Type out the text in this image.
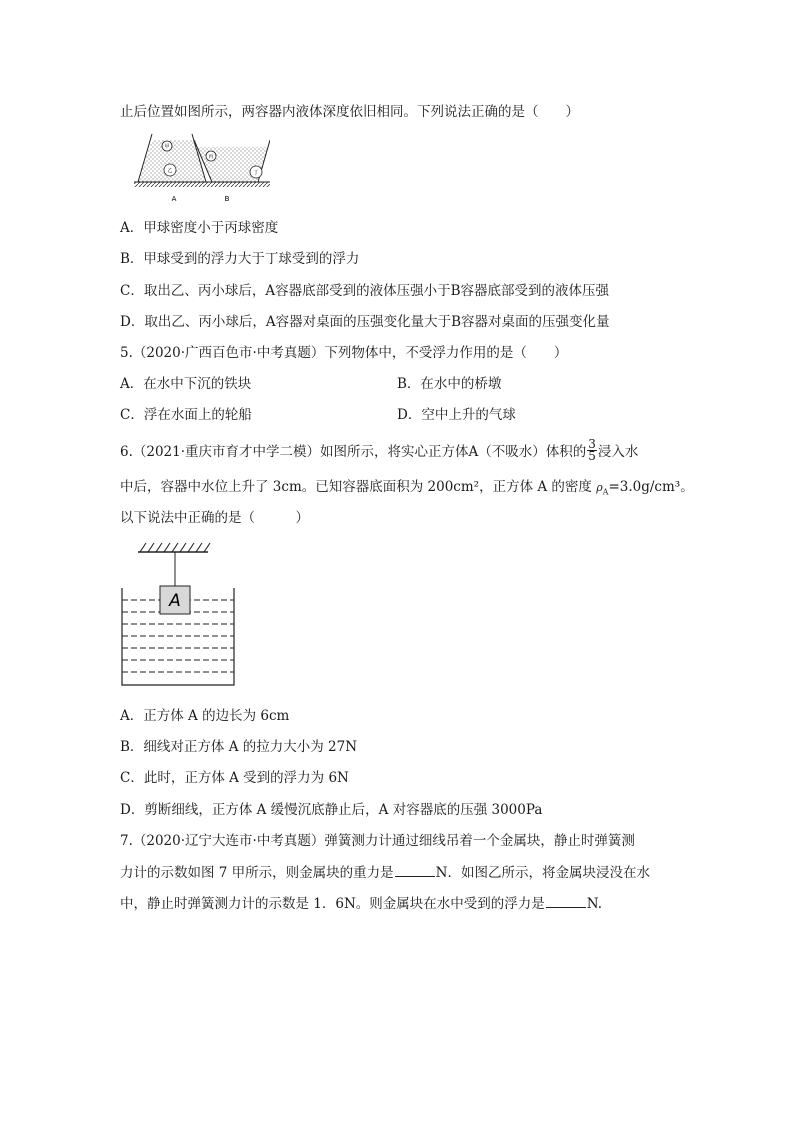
止后位置如图所示，两容器内液体深度依旧相同。下列说法正确的是（　　）
甲
乙
丙
丁
A	B
A．甲球密度小于丙球密度
B．甲球受到的浮力大于丁球受到的浮力
C．取出乙、丙小球后，A容器底部受到的液体压强小于B容器底部受到的液体压强
D．取出乙、丙小球后，A容器对桌面的压强变化量大于B容器对桌面的压强变化量
5.（2020·广西百色市·中考真题）下列物体中，不受浮力作用的是（　　）
A．在水中下沉的铁块	B．在水中的桥墩
C．浮在水面上的轮船	D．空中上升的气球
6.（2021·重庆市育才中学二模）如图所示，将实心正方体A（不吸水）体积的 $\frac{3}{5}$ 浸入水
中后，容器中水位上升了 3cm。已知容器底面积为 200cm²，正方体 A 的密度 $\rho_A=3.0g$/cm³。
以下说法中正确的是（　　　）
A
A．正方体 A 的边长为 6cm
B．细线对正方体 A 的拉力大小为 27N
C．此时，正方体 A 受到的浮力为 6N
D．剪断细线，正方体 A 缓慢沉底静止后，A 对容器底的压强 3000Pa
7.（2020·辽宁大连市·中考真题）弹簧测力计通过细线吊着一个金属块，静止时弹簧测
力计的示数如图 7 甲所示，则金属块的重力是	N．如图乙所示，将金属块浸没在水
中，静止时弹簧测力计的示数是 1．6N。则金属块在水中受到的浮力是	N.
